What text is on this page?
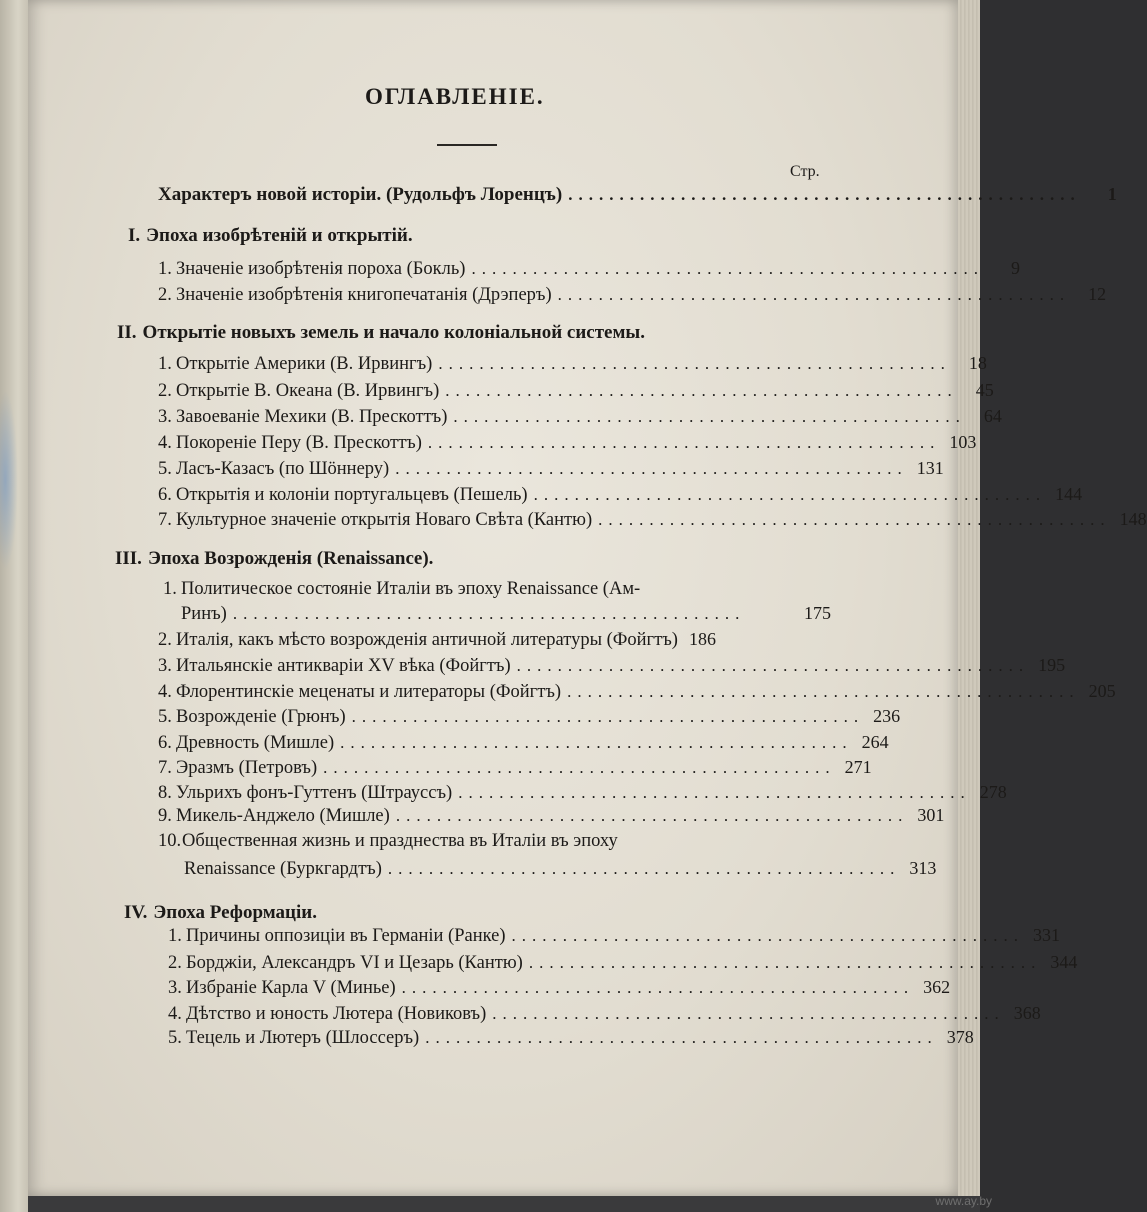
ОГЛАВЛЕНIЕ.
Стр.
Характеръ новой исторiи. (Рудольфъ Лоренцъ) ..................................................	1
I. Эпоха изобрѣтенiй и открытiй.
1. Значенiе изобрѣтенiя пороха (Бокль) ..................................................	9
2. Значенiе изобрѣтенiя книгопечатанiя (Дрэперъ) ..................................................	12
II. Открытiе новыхъ земель и начало колонiальной системы.
1. Открытiе Америки (В. Ирвингъ) ..................................................	18
2. Открытiе В. Океана (В. Ирвингъ) ..................................................	45
3. Завоеванiе Мехики (В. Прескоттъ) ..................................................	64
4. Покоренiе Перу (В. Прескоттъ) .................................................. 103
5. Ласъ-Казасъ (по Шöннеру) .................................................. 131
6. Открытiя и колонiи португальцевъ (Пешель) .................................................. 144
7. Культурное значенiе открытiя Новаго Свѣта (Кантю) .................................................. 148
III. Эпоха Возрожденiя (Renaissance).
1. Политическое состоянiе Италiи въ эпоху Renaissance (Ам-
Ринъ) ..................................................	175
2. Италiя, какъ мѣсто возрожденiя античной литературы (Фойгтъ) 186
3. Итальянскiе антикварiи XV вѣка (Фойгтъ) .................................................. 195
4. Флорентинскiе меценаты и литераторы (Фойгтъ) .................................................. 205
5. Возрожденiе (Грюнъ) .................................................. 236
6. Древность (Мишле) .................................................. 264
7. Эразмъ (Петровъ) .................................................. 271
8. Ульрихъ фонъ-Гуттенъ (Штрауссъ) .................................................. 278
9. Микель-Анджело (Мишле) .................................................. 301
10. Общественная жизнь и празднества въ Италiи въ эпоху
Renaissance (Буркгардтъ) .................................................. 313
IV. Эпоха Реформацiи.
1. Причины оппозицiи въ Германiи (Ранке) .................................................. 331
2. Борджiи, Александръ VI и Цезарь (Кантю) .................................................. 344
3. Избранiе Карла V (Минье) .................................................. 362
4. Дѣтство и юность Лютера (Новиковъ) .................................................. 368
5. Тецель и Лютеръ (Шлоссеръ) .................................................. 378
www.ay.by
